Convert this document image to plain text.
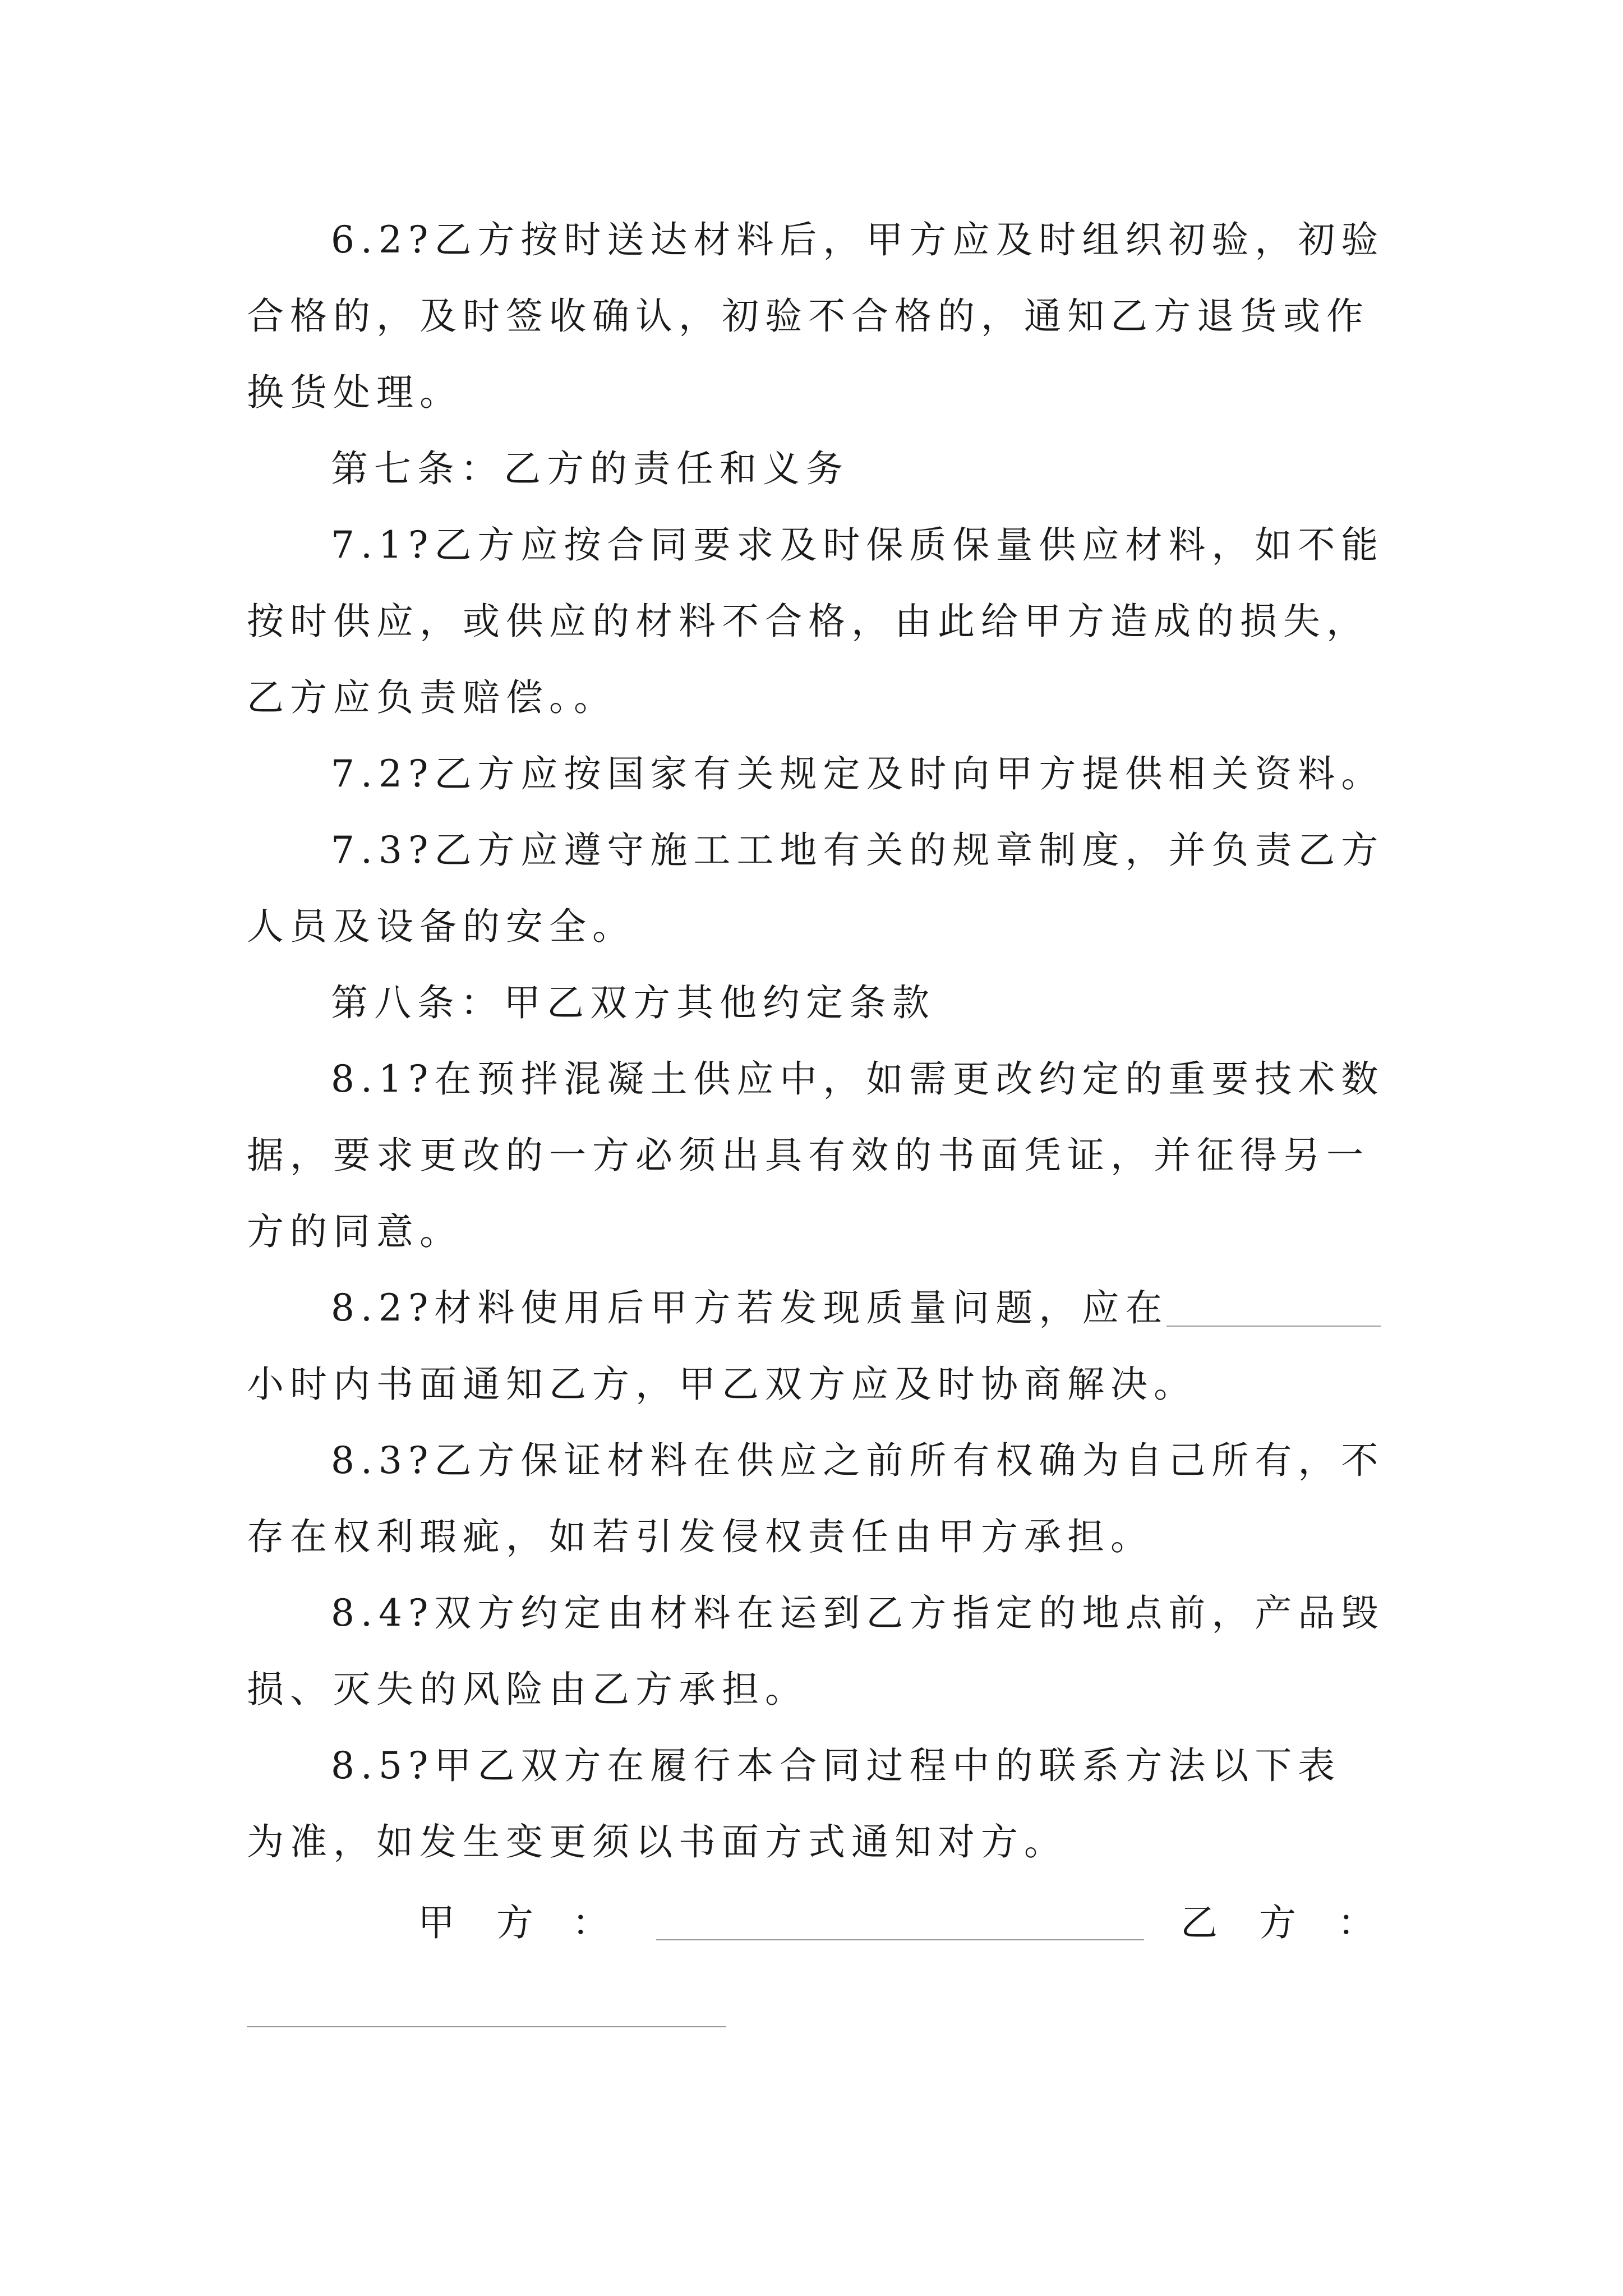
6.2?乙方按时送达材料后，甲方应及时组织初验，初验
合格的，及时签收确认，初验不合格的，通知乙方退货或作
换货处理。
第七条：乙方的责任和义务
7.1?乙方应按合同要求及时保质保量供应材料，如不能
按时供应，或供应的材料不合格，由此给甲方造成的损失，
乙方应负责赔偿。。
7.2?乙方应按国家有关规定及时向甲方提供相关资料。
7.3?乙方应遵守施工工地有关的规章制度，并负责乙方
人员及设备的安全。
第八条：甲乙双方其他约定条款
8.1?在预拌混凝土供应中，如需更改约定的重要技术数
据，要求更改的一方必须出具有效的书面凭证，并征得另一
方的同意。
8.2?材料使用后甲方若发现质量问题，应在
小时内书面通知乙方，甲乙双方应及时协商解决。
8.3?乙方保证材料在供应之前所有权确为自己所有，不
存在权利瑕疵，如若引发侵权责任由甲方承担。
8.4?双方约定由材料在运到乙方指定的地点前，产品毁
损、灭失的风险由乙方承担。
8.5?甲乙双方在履行本合同过程中的联系方法以下表
为准，如发生变更须以书面方式通知对方。
甲 方 ：	乙 方 ：
